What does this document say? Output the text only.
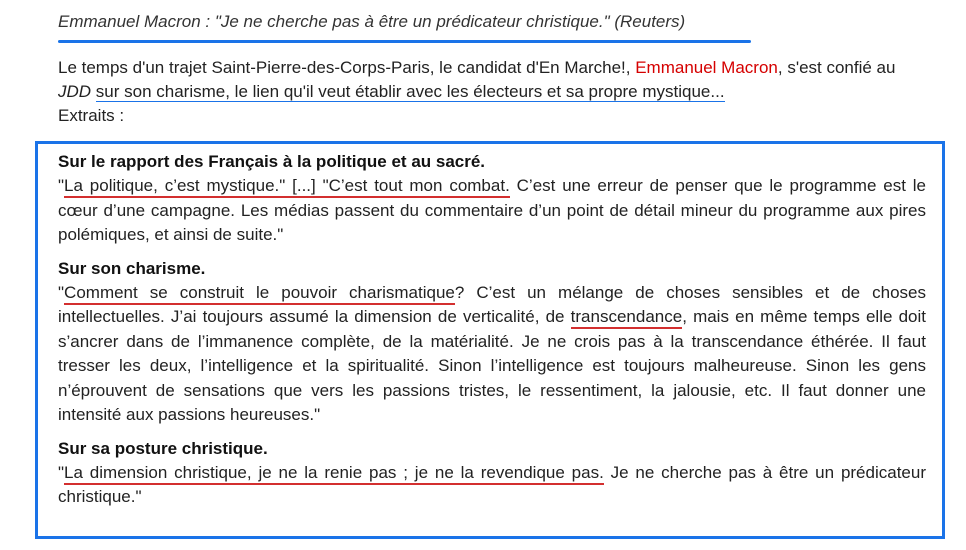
Emmanuel Macron : "Je ne cherche pas à être un prédicateur christique." (Reuters)
Le temps d'un trajet Saint-Pierre-des-Corps-Paris, le candidat d'En Marche!, Emmanuel Macron, s'est confié au JDD sur son charisme, le lien qu'il veut établir avec les électeurs et sa propre mystique...
Extraits :
Sur le rapport des Français à la politique et au sacré.
"La politique, c’est mystique." [...] "C’est tout mon combat. C’est une erreur de penser que le programme est le cœur d’une campagne. Les médias passent du commentaire d’un point de détail mineur du programme aux pires polémiques, et ainsi de suite."
Sur son charisme.
"Comment se construit le pouvoir charismatique? C’est un mélange de choses sensibles et de choses intellectuelles. J’ai toujours assumé la dimension de verticalité, de transcendance, mais en même temps elle doit s’ancrer dans de l’immanence complète, de la matérialité. Je ne crois pas à la transcendance éthérée. Il faut tresser les deux, l’intelligence et la spiritualité. Sinon l’intelligence est toujours malheureuse. Sinon les gens n’éprouvent de sensations que vers les passions tristes, le ressentiment, la jalousie, etc. Il faut donner une intensité aux passions heureuses."
Sur sa posture christique.
"La dimension christique, je ne la renie pas ; je ne la revendique pas. Je ne cherche pas à être un prédicateur christique."
